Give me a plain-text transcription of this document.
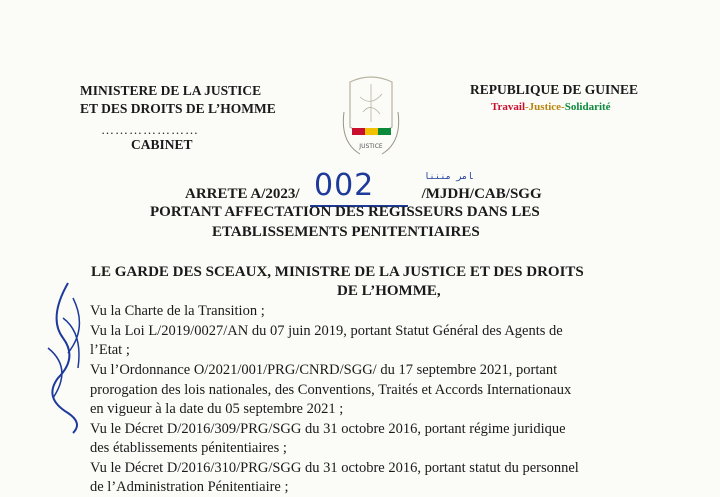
MINISTERE DE LA JUSTICE
ET DES DROITS DE L’HOMME
…………………
CABINET	JUSTICE
REPUBLIQUE DE GUINEE
Travail-Justice-Solidarité
ARRETE A/2023/	/MJDH/CAB/SGG
002	ﺎﻣﺮ ﻣﻨﻨﻨﺎ
PORTANT AFFECTATION DES REGISSEURS DANS LES
ETABLISSEMENTS PENITENTIAIRES
LE GARDE DES SCEAUX, MINISTRE DE LA JUSTICE ET DES DROITS
DE L’HOMME,
Vu la Charte de la Transition ;
Vu la Loi L/2019/0027/AN du 07 juin 2019, portant Statut Général des Agents de
l’Etat ;
Vu l’Ordonnance O/2021/001/PRG/CNRD/SGG/ du 17 septembre 2021, portant
prorogation des lois nationales, des Conventions, Traités et Accords Internationaux
en vigueur à la date du 05 septembre 2021 ;
Vu le Décret D/2016/309/PRG/SGG du 31 octobre 2016, portant régime juridique
des établissements pénitentiaires ;
Vu le Décret D/2016/310/PRG/SGG du 31 octobre 2016, portant statut du personnel
de l’Administration Pénitentiaire ;
